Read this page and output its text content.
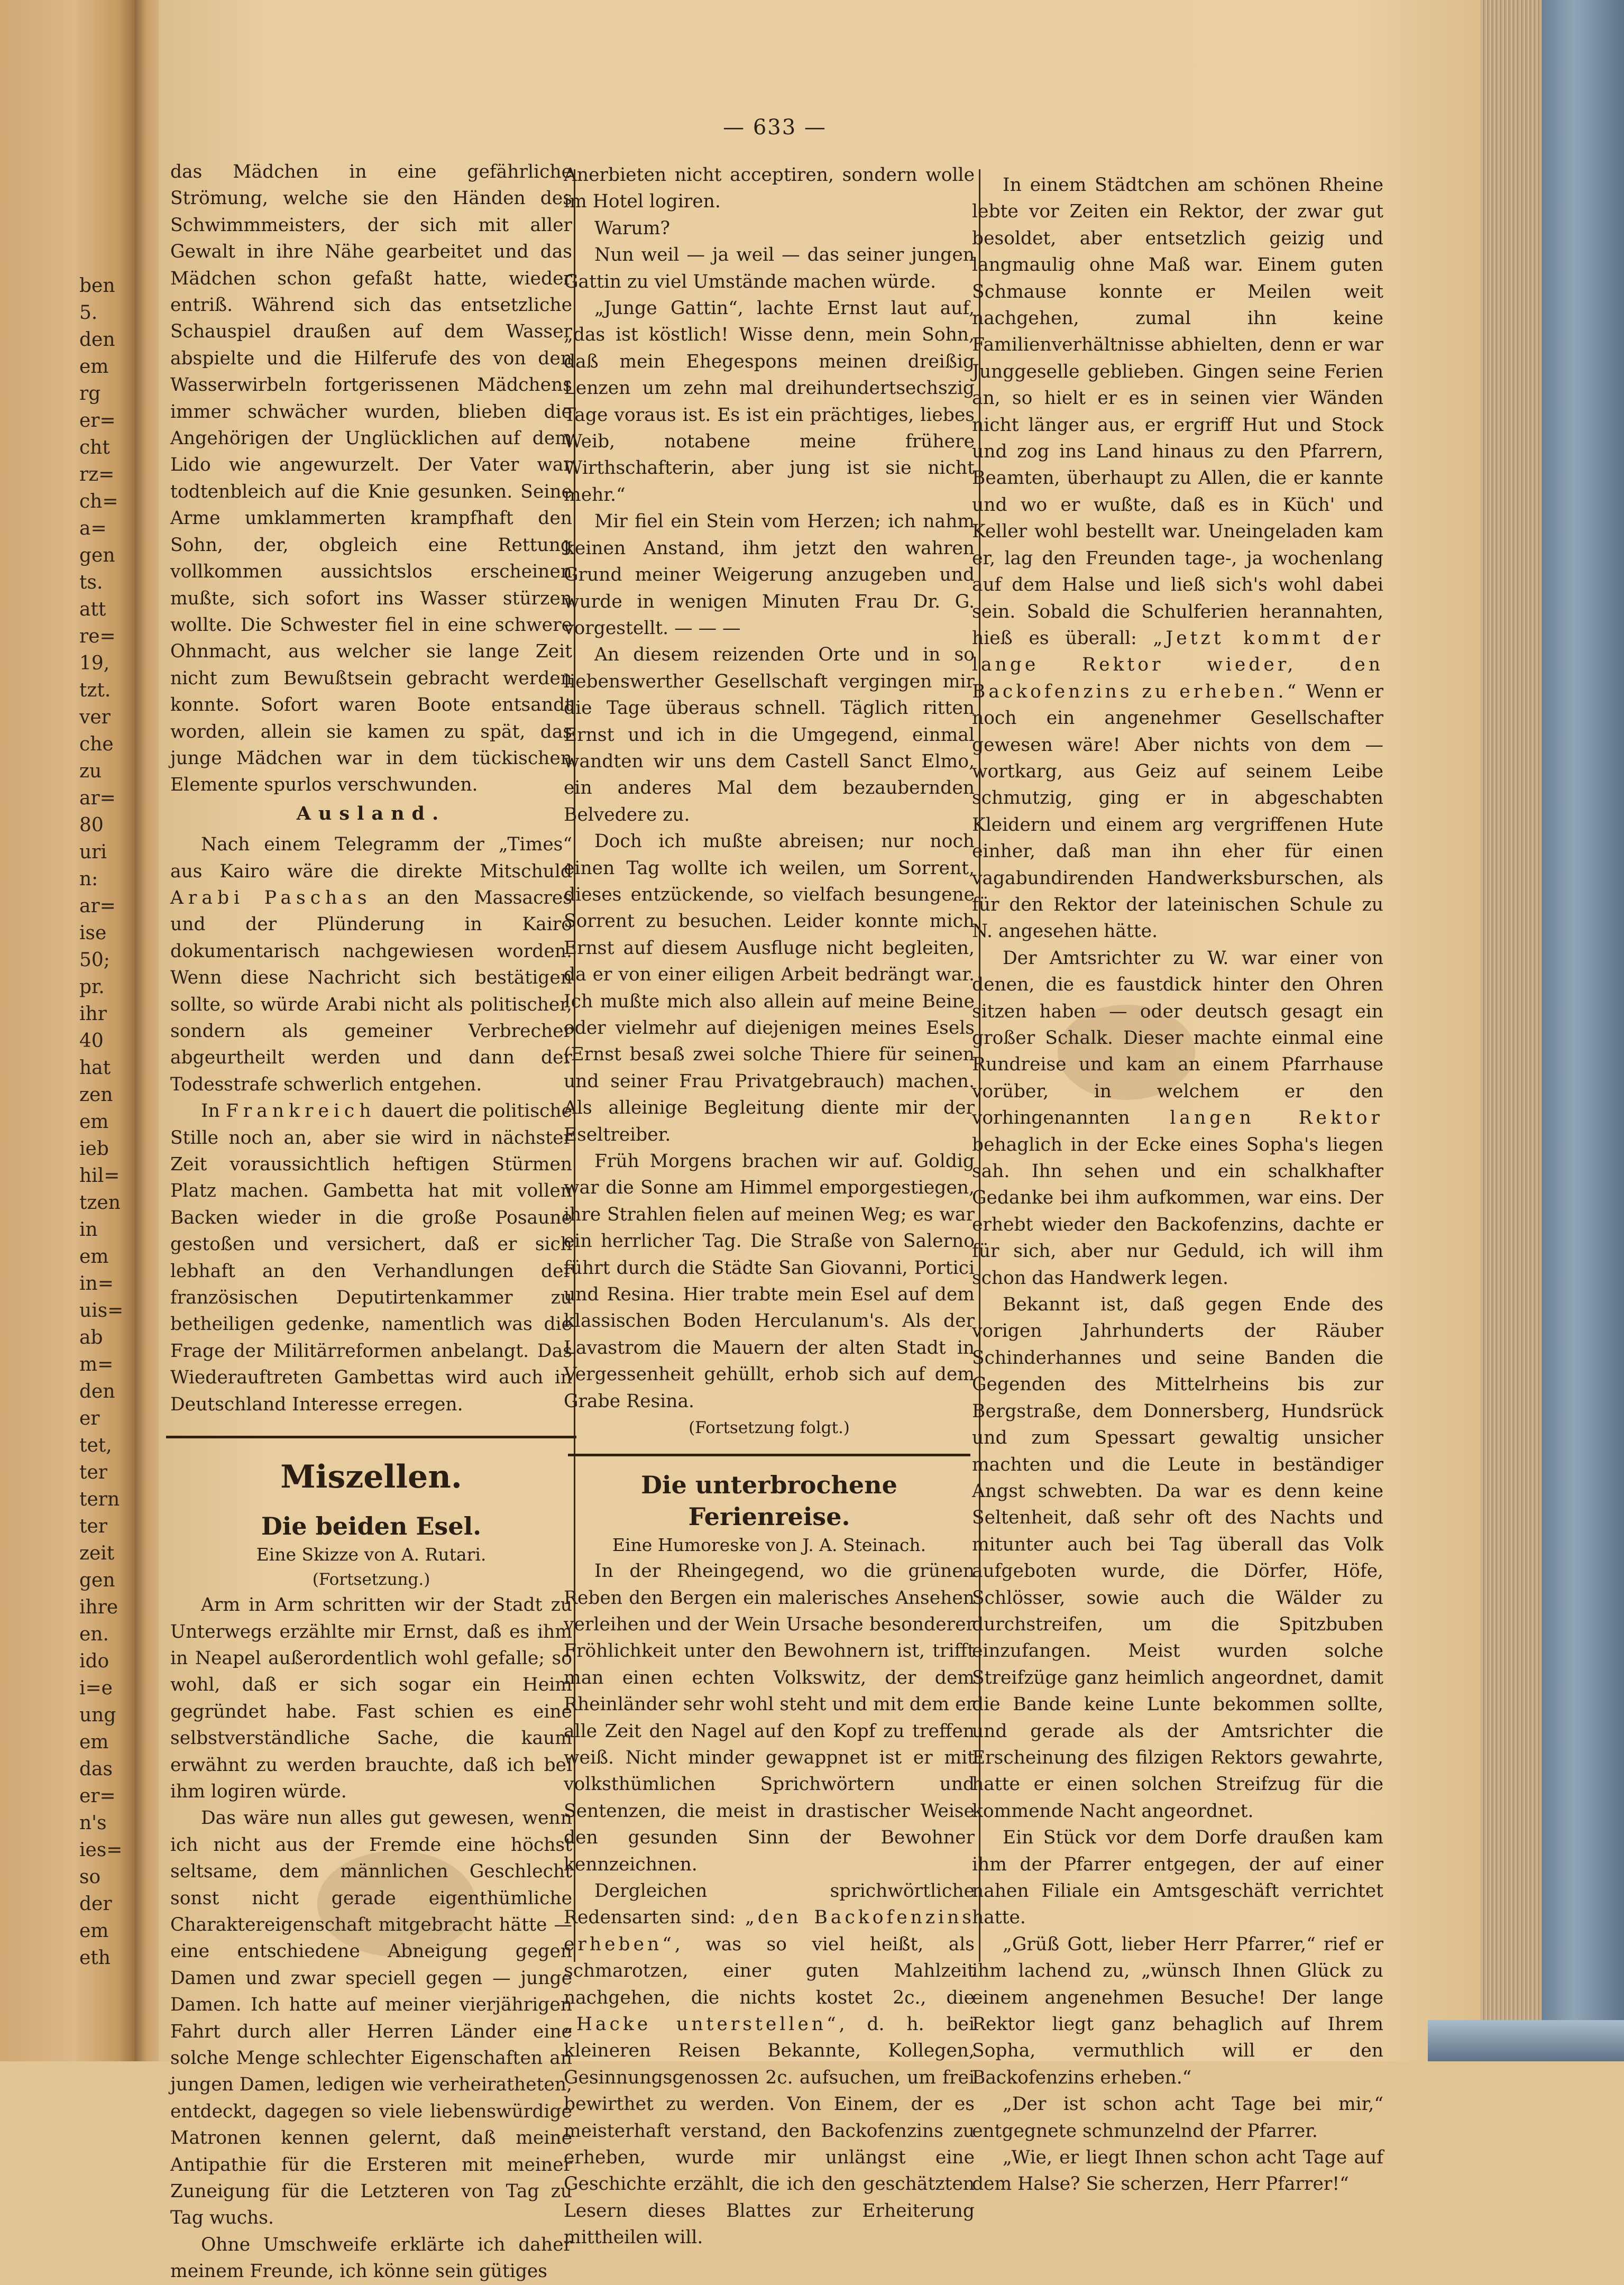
ben
5.
den
em
rg
er=
cht
rz=
ch=
a=
gen
ts.
att
re=
19,
tzt.
ver
che
zu
ar=
80
uri
n:
ar=
ise
50;
pr.
ihr
40
hat
zen
em
ieb
hil=
tzen
in
em
in=
uis=
ab
m=
den
er
tet,
ter
tern
ter
zeit
gen
ihre
en.
ido
i=e
ung
em
das
er=
n's
ies=
so
der
em
eth
— 633 —

das Mädchen in eine gefährliche Strömung, welche sie den Händen des Schwimmmeisters, der sich mit aller Gewalt in ihre Nähe gearbeitet und das Mädchen schon gefaßt hatte, wieder entriß. Während sich das entsetzliche Schauspiel draußen auf dem Wasser abspielte und die Hilferufe des von den Wasserwirbeln fortgerissenen Mädchens immer schwächer wurden, blieben die Angehörigen der Unglücklichen auf dem Lido wie angewurzelt. Der Vater war todtenbleich auf die Knie gesunken. Seine Arme umklammerten krampfhaft den Sohn, der, obgleich eine Rettung vollkommen aussichtslos erscheinen mußte, sich sofort ins Wasser stürzen wollte. Die Schwester fiel in eine schwere Ohnmacht, aus welcher sie lange Zeit nicht zum Bewußtsein gebracht werden konnte. Sofort waren Boote entsandt worden, allein sie kamen zu spät, das junge Mädchen war in dem tückischen Elemente spurlos verschwunden.

Ausland.

Nach einem Telegramm der „Times“ aus Kairo wäre die direkte Mitschuld Arabi Paschas an den Massacres und der Plünderung in Kairo dokumentarisch nachgewiesen worden. Wenn diese Nachricht sich bestätigen sollte, so würde Arabi nicht als politischer, sondern als gemeiner Verbrecher abgeurtheilt werden und dann der Todesstrafe schwerlich entgehen.

In Frankreich dauert die politische Stille noch an, aber sie wird in nächster Zeit voraussichtlich heftigen Stürmen Platz machen. Gambetta hat mit vollen Backen wieder in die große Posaune gestoßen und versichert, daß er sich lebhaft an den Verhandlungen der französischen Deputirtenkammer zu betheiligen gedenke, namentlich was die Frage der Militärreformen anbelangt. Das Wiederauftreten Gambettas wird auch in Deutschland Interesse erregen.

Miszellen.

Die beiden Esel.

Eine Skizze von A. Rutari.

(Fortsetzung.)

Arm in Arm schritten wir der Stadt zu Unterwegs erzählte mir Ernst, daß es ihm in Neapel außerordentlich wohl gefalle; so wohl, daß er sich sogar ein Heim gegründet habe. Fast schien es eine selbstverständliche Sache, die kaum erwähnt zu werden brauchte, daß ich bei ihm logiren würde.

Das wäre nun alles gut gewesen, wenn ich nicht aus der Fremde eine höchst seltsame, dem männlichen Geschlecht sonst nicht gerade eigenthümliche Charaktereigenschaft mitgebracht hätte — eine entschiedene Abneigung gegen Damen und zwar speciell gegen — junge Damen. Ich hatte auf meiner vierjährigen Fahrt durch aller Herren Länder eine solche Menge schlechter Eigenschaften an jungen Damen, ledigen wie verheiratheten, entdeckt, dagegen so viele liebenswürdige Matronen kennen gelernt, daß meine Antipathie für die Ersteren mit meiner Zuneigung für die Letzteren von Tag zu Tag wuchs.

Ohne Umschweife erklärte ich daher meinem Freunde, ich könne sein gütiges

Anerbieten nicht acceptiren, sondern wolle im Hotel logiren.

Warum?

Nun weil — ja weil — das seiner jungen Gattin zu viel Umstände machen würde.

„Junge Gattin“, lachte Ernst laut auf, „das ist köstlich! Wisse denn, mein Sohn, daß mein Ehegespons meinen dreißig Lenzen um zehn mal dreihundertsechszig Tage voraus ist. Es ist ein prächtiges, liebes Weib, notabene meine frühere Wirthschafterin, aber jung ist sie nicht mehr.“

Mir fiel ein Stein vom Herzen; ich nahm keinen Anstand, ihm jetzt den wahren Grund meiner Weigerung anzugeben und wurde in wenigen Minuten Frau Dr. G. vorgestellt. — — —

An diesem reizenden Orte und in so liebenswerther Gesellschaft vergingen mir die Tage überaus schnell. Täglich ritten Ernst und ich in die Umgegend, einmal wandten wir uns dem Castell Sanct Elmo, ein anderes Mal dem bezaubernden Belvedere zu.

Doch ich mußte abreisen; nur noch einen Tag wollte ich weilen, um Sorrent, dieses entzückende, so vielfach besungene Sorrent zu besuchen. Leider konnte mich Ernst auf diesem Ausfluge nicht begleiten, da er von einer eiligen Arbeit bedrängt war. Ich mußte mich also allein auf meine Beine oder vielmehr auf diejenigen meines Esels (Ernst besaß zwei solche Thiere für seinen und seiner Frau Privatgebrauch) machen. Als alleinige Begleitung diente mir der Eseltreiber.

Früh Morgens brachen wir auf. Goldig war die Sonne am Himmel emporgestiegen, ihre Strahlen fielen auf meinen Weg; es war ein herrlicher Tag. Die Straße von Salerno führt durch die Städte San Giovanni, Portici und Resina. Hier trabte mein Esel auf dem klassischen Boden Herculanum's. Als der Lavastrom die Mauern der alten Stadt in Vergessenheit gehüllt, erhob sich auf dem Grabe Resina.

(Fortsetzung folgt.)

Die unterbrochene Ferienreise.

Eine Humoreske von J. A. Steinach.

In der Rheingegend, wo die grünen Reben den Bergen ein malerisches Ansehen verleihen und der Wein Ursache besonderer Fröhlichkeit unter den Bewohnern ist, trifft man einen echten Volkswitz, der dem Rheinländer sehr wohl steht und mit dem er alle Zeit den Nagel auf den Kopf zu treffen weiß. Nicht minder gewappnet ist er mit volksthümlichen Sprichwörtern und Sentenzen, die meist in drastischer Weise den gesunden Sinn der Bewohner kennzeichnen.

Dergleichen sprichwörtliche Redensarten sind: „den Backofenzins erheben“, was so viel heißt, als schmarotzen, einer guten Mahlzeit nachgehen, die nichts kostet 2c., die „Hacke unterstellen“, d. h. bei kleineren Reisen Bekannte, Kollegen, Gesinnungsgenossen 2c. aufsuchen, um frei bewirthet zu werden. Von Einem, der es meisterhaft verstand, den Backofenzins zu erheben, wurde mir unlängst eine Geschichte erzählt, die ich den geschätzten Lesern dieses Blattes zur Erheiterung mittheilen will.

In einem Städtchen am schönen Rheine lebte vor Zeiten ein Rektor, der zwar gut besoldet, aber entsetzlich geizig und langmaulig ohne Maß war. Einem guten Schmause konnte er Meilen weit nachgehen, zumal ihn keine Familienverhältnisse abhielten, denn er war Junggeselle geblieben. Gingen seine Ferien an, so hielt er es in seinen vier Wänden nicht länger aus, er ergriff Hut und Stock und zog ins Land hinaus zu den Pfarrern, Beamten, überhaupt zu Allen, die er kannte und wo er wußte, daß es in Küch' und Keller wohl bestellt war. Uneingeladen kam er, lag den Freunden tage-, ja wochenlang auf dem Halse und ließ sich's wohl dabei sein. Sobald die Schulferien herannahten, hieß es überall: „Jetzt kommt der lange Rektor wieder, den Backofenzins zu erheben.“ Wenn er noch ein angenehmer Gesellschafter gewesen wäre! Aber nichts von dem — wortkarg, aus Geiz auf seinem Leibe schmutzig, ging er in abgeschabten Kleidern und einem arg vergriffenen Hute einher, daß man ihn eher für einen vagabundirenden Handwerksburschen, als für den Rektor der lateinischen Schule zu N. angesehen hätte.

Der Amtsrichter zu W. war einer von denen, die es faustdick hinter den Ohren sitzen haben — oder deutsch gesagt ein großer Schalk. Dieser machte einmal eine Rundreise und kam an einem Pfarrhause vorüber, in welchem er den vorhingenannten langen Rektor behaglich in der Ecke eines Sopha's liegen sah. Ihn sehen und ein schalkhafter Gedanke bei ihm aufkommen, war eins. Der erhebt wieder den Backofenzins, dachte er für sich, aber nur Geduld, ich will ihm schon das Handwerk legen.

Bekannt ist, daß gegen Ende des vorigen Jahrhunderts der Räuber Schinderhannes und seine Banden die Gegenden des Mittelrheins bis zur Bergstraße, dem Donnersberg, Hundsrück und zum Spessart gewaltig unsicher machten und die Leute in beständiger Angst schwebten. Da war es denn keine Seltenheit, daß sehr oft des Nachts und mitunter auch bei Tag überall das Volk aufgeboten wurde, die Dörfer, Höfe, Schlösser, sowie auch die Wälder zu durchstreifen, um die Spitzbuben einzufangen. Meist wurden solche Streifzüge ganz heimlich angeordnet, damit die Bande keine Lunte bekommen sollte, und gerade als der Amtsrichter die Erscheinung des filzigen Rektors gewahrte, hatte er einen solchen Streifzug für die kommende Nacht angeordnet.

Ein Stück vor dem Dorfe draußen kam ihm der Pfarrer entgegen, der auf einer nahen Filiale ein Amtsgeschäft verrichtet hatte.

„Grüß Gott, lieber Herr Pfarrer,“ rief er ihm lachend zu, „wünsch Ihnen Glück zu einem angenehmen Besuche! Der lange Rektor liegt ganz behaglich auf Ihrem Sopha, vermuthlich will er den Backofenzins erheben.“

„Der ist schon acht Tage bei mir,“ entgegnete schmunzelnd der Pfarrer.

„Wie, er liegt Ihnen schon acht Tage auf dem Halse? Sie scherzen, Herr Pfarrer!“
